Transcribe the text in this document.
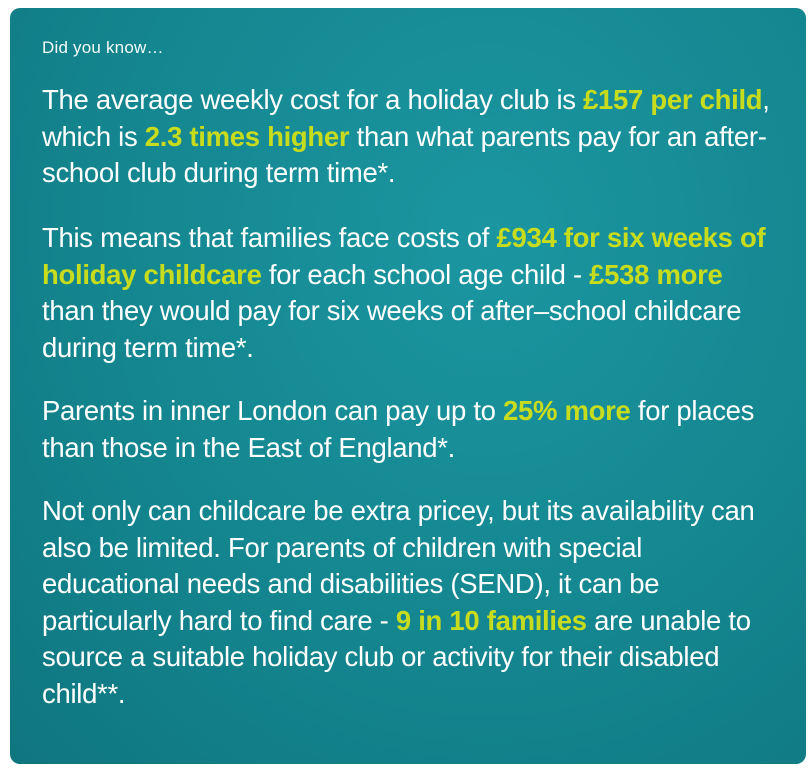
Did you know…
The average weekly cost for a holiday club is £157 per child, which is 2.3 times higher than what parents pay for an after-school club during term time*.
This means that families face costs of £934 for six weeks of holiday childcare for each school age child - £538 more than they would pay for six weeks of after–school childcare during term time*.
Parents in inner London can pay up to 25% more for places than those in the East of England*.
Not only can childcare be extra pricey, but its availability can also be limited. For parents of children with special educational needs and disabilities (SEND), it can be particularly hard to find care - 9 in 10 families are unable to source a suitable holiday club or activity for their disabled child**.
